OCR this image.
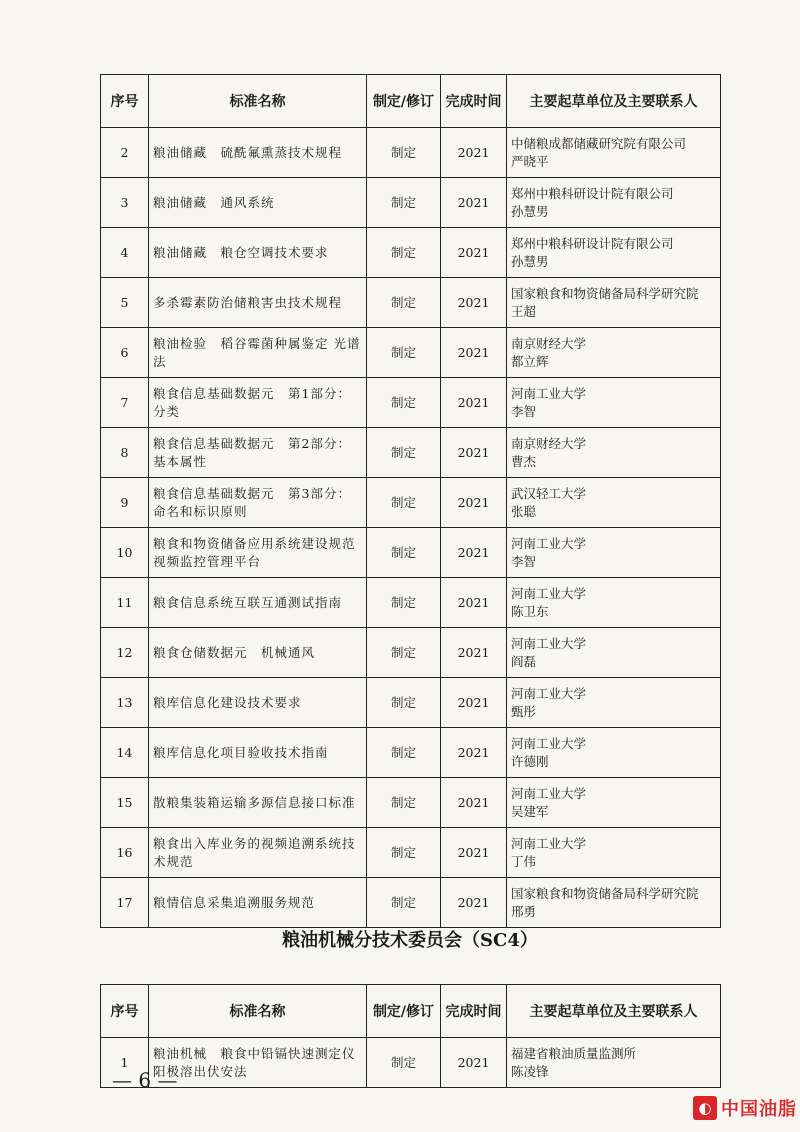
序号	标准名称	制定/修订	完成时间	主要起草单位及主要联系人
2	粮油储藏　硫酰氟熏蒸技术规程	制定	2021	中储粮成都储藏研究院有限公司
严晓平

3	粮油储藏　通风系统	制定	2021	郑州中粮科研设计院有限公司
孙慧男

4	粮油储藏　粮仓空调技术要求	制定	2021	郑州中粮科研设计院有限公司
孙慧男

5	多杀霉素防治储粮害虫技术规程	制定	2021	国家粮食和物资储备局科学研究院
王超

6	粮油检验　稻谷霉菌种属鉴定 光谱法	制定	2021	南京财经大学
都立辉

7	粮食信息基础数据元　第1部分：分类	制定	2021	河南工业大学
李智

8	粮食信息基础数据元　第2部分：基本属性	制定	2021	南京财经大学
曹杰

9	粮食信息基础数据元　第3部分：命名和标识原则	制定	2021	武汉轻工大学
张聪

10	粮食和物资储备应用系统建设规范　视频监控管理平台	制定	2021	河南工业大学
李智

11	粮食信息系统互联互通测试指南	制定	2021	河南工业大学
陈卫东

12	粮食仓储数据元　机械通风	制定	2021	河南工业大学
阎磊

13	粮库信息化建设技术要求	制定	2021	河南工业大学
甄彤

14	粮库信息化项目验收技术指南	制定	2021	河南工业大学
许德刚

15	散粮集装箱运输多源信息接口标准	制定	2021	河南工业大学
吴建军

16	粮食出入库业务的视频追溯系统技术规范	制定	2021	河南工业大学
丁伟

17	粮情信息采集追溯服务规范	制定	2021	国家粮食和物资储备局科学研究院
邢勇
粮油机械分技术委员会（SC4）
序号	标准名称	制定/修订	完成时间	主要起草单位及主要联系人
1	粮油机械　粮食中铅镉快速测定仪　阳极溶出伏安法	制定	2021	福建省粮油质量监测所
陈凌锋
— 6 —
◐ 中国油脂
